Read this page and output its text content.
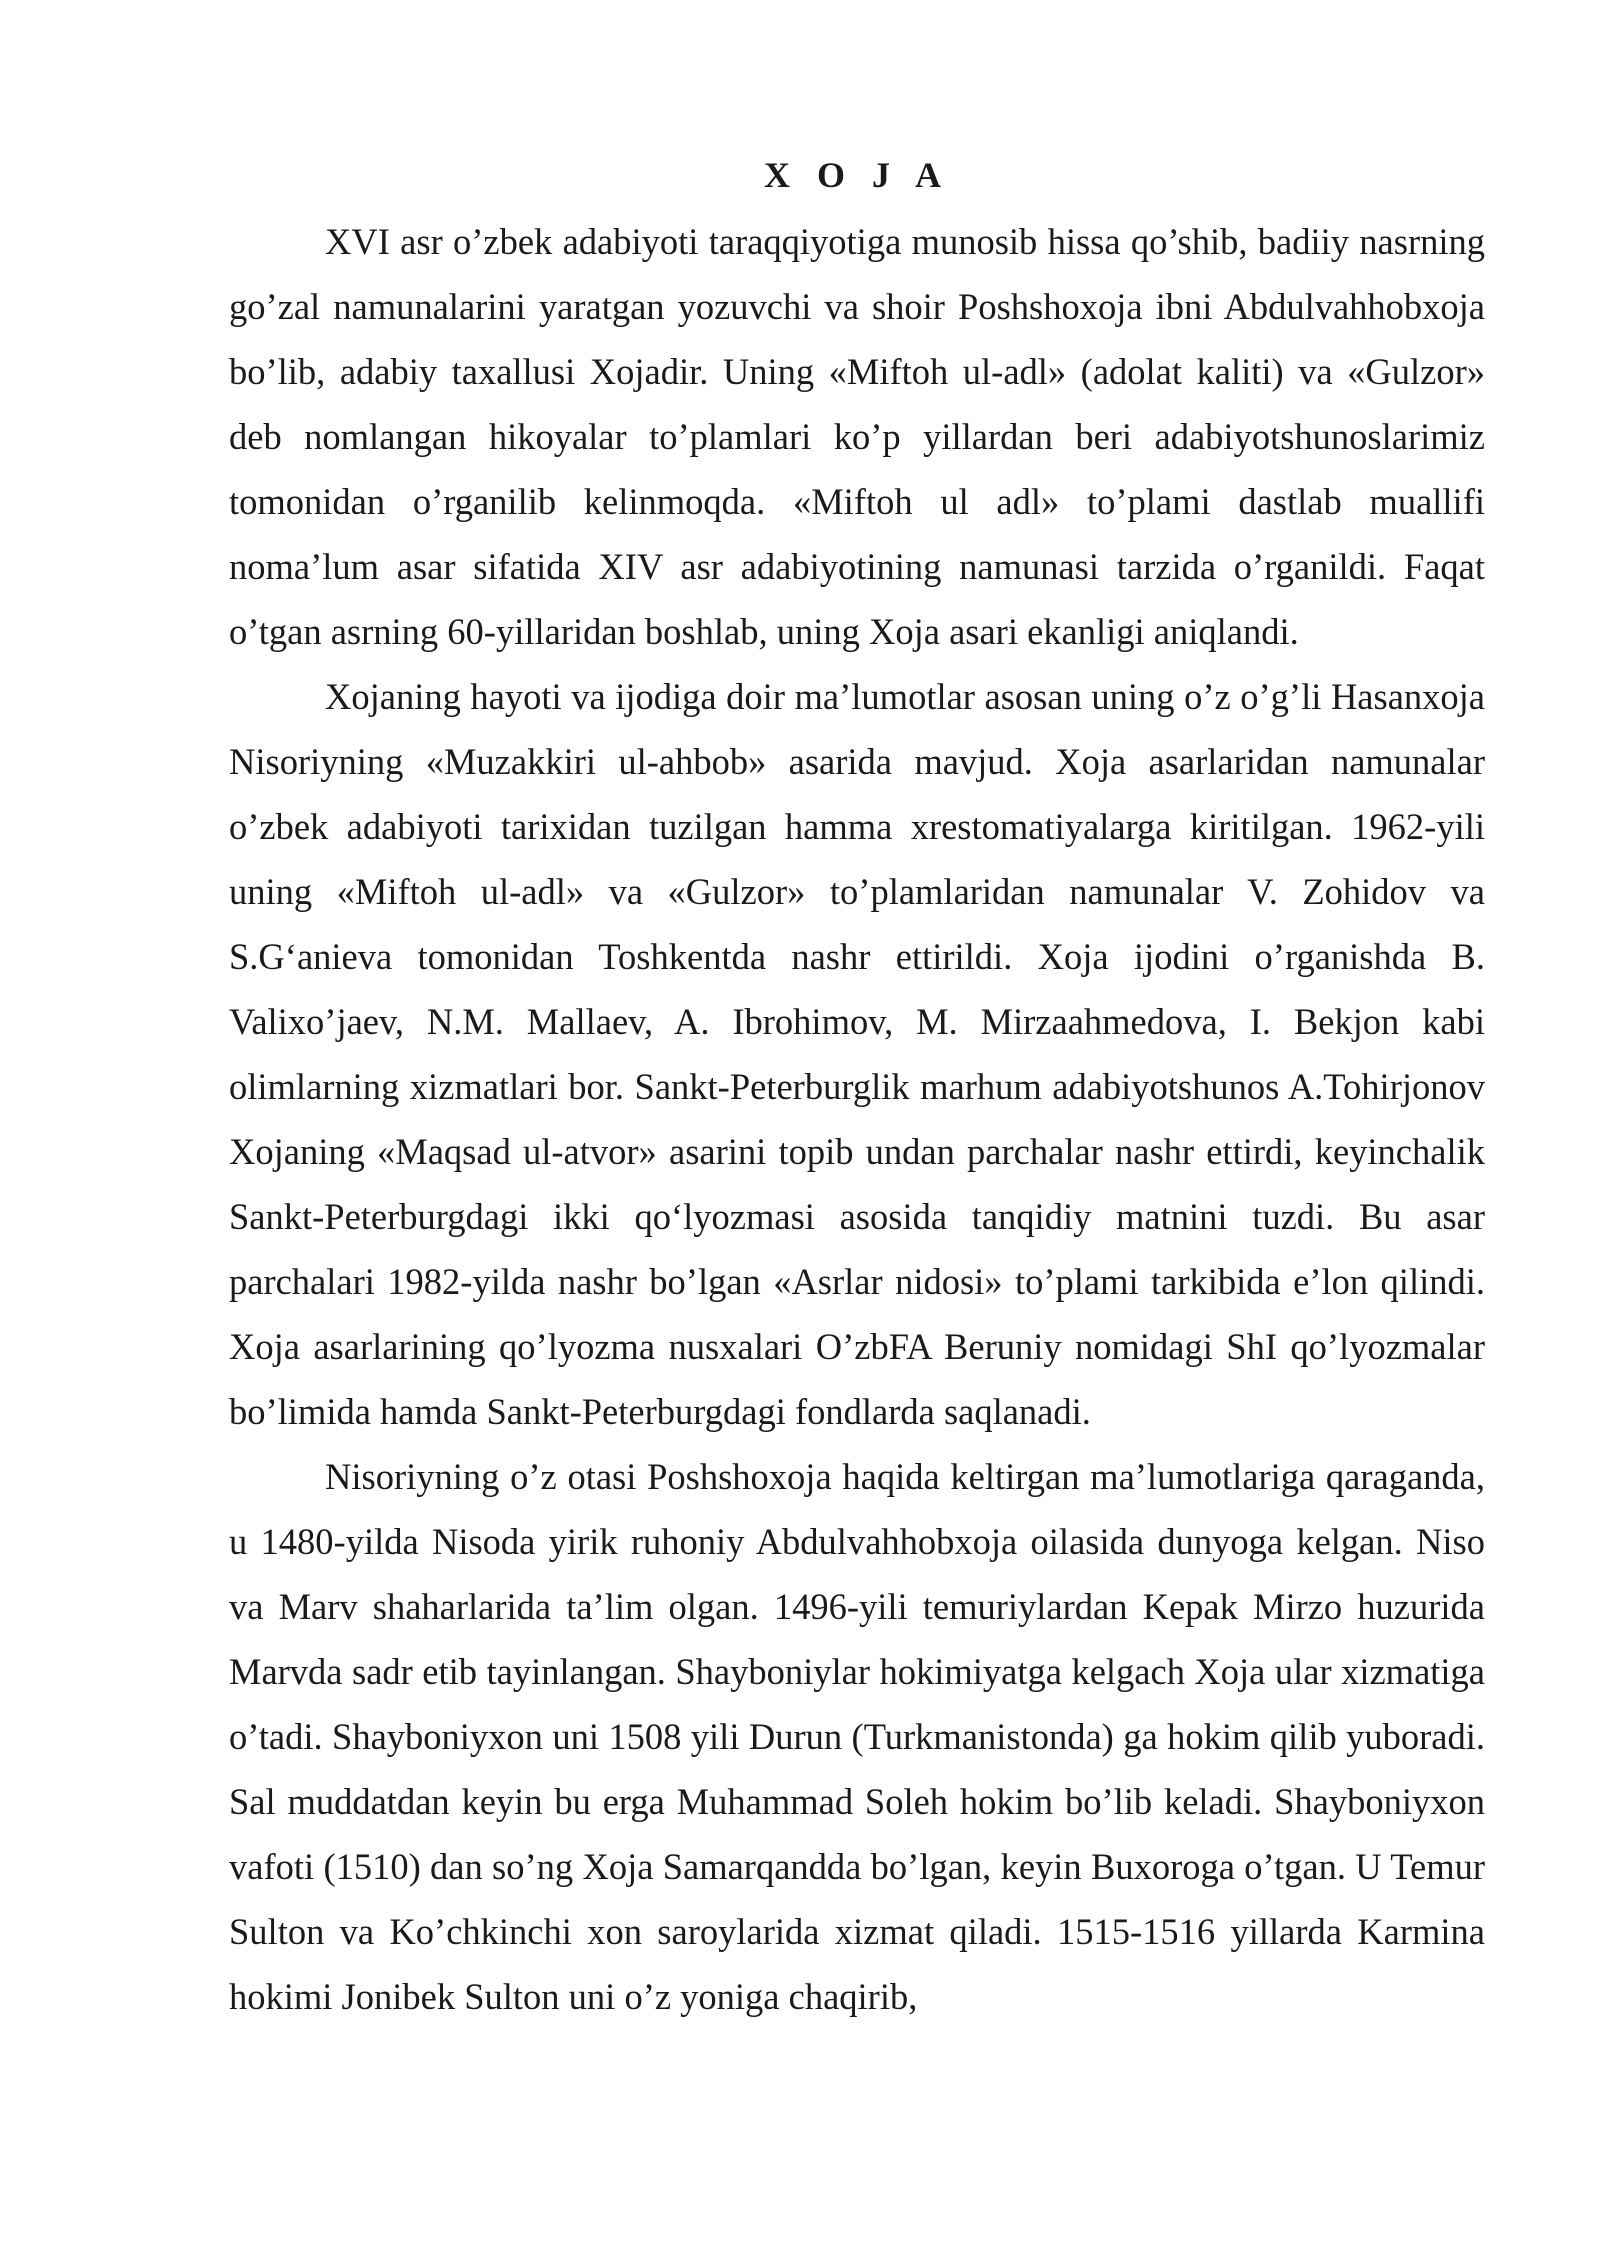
X O J A

XVI asr o’zbek adabiyoti taraqqiyotiga munosib hissa qo’shib, badiiy nasrning go’zal namunalarini yaratgan yozuvchi va shoir Poshshoxoja ibni Abdulvahhobxoja bo’lib, adabiy taxallusi Xojadir. Uning «Miftoh ul-adl» (adolat kaliti) va «Gulzor» deb nomlangan hikoyalar to’plamlari ko’p yillardan beri adabiyotshunoslarimiz tomonidan o’rganilib kelinmoqda. «Miftoh ul adl» to’plami dastlab muallifi noma’lum asar sifatida XIV asr adabiyotining namunasi tarzida o’rganildi. Faqat o’tgan asrning 60-yillaridan boshlab, uning Xoja asari ekanligi aniqlandi.

Xojaning hayoti va ijodiga doir ma’lumotlar asosan uning o’z o’g’li Hasanxoja Nisoriyning «Muzakkiri ul-ahbob» asarida mavjud. Xoja asarlaridan namunalar o’zbek adabiyoti tarixidan tuzilgan hamma xrestomatiyalarga kiritilgan. 1962-yili uning «Miftoh ul-adl» va «Gulzor» to’plamlaridan namunalar V. Zohidov va S.G‘anieva tomonidan Toshkentda nashr ettirildi. Xoja ijodini o’rganishda B. Valixo’jaev, N.M. Mallaev, A. Ibrohimov, M. Mirzaahmedova, I. Bekjon kabi olimlarning xizmatlari bor. Sankt-Peterburglik marhum adabiyotshunos A.Tohirjonov Xojaning «Maqsad ul-atvor» asarini topib undan parchalar nashr ettirdi, keyinchalik Sankt-Peterburgdagi ikki qo‘lyozmasi asosida tanqidiy matnini tuzdi. Bu asar parchalari 1982-yilda nashr bo’lgan «Asrlar nidosi» to’plami tarkibida e’lon qilindi. Xoja asarlarining qo’lyozma nusxalari O’zbFA Beruniy nomidagi ShI qo’lyozmalar bo’limida hamda Sankt-Peterburgdagi fondlarda saqlanadi.

Nisoriyning o’z otasi Poshshoxoja haqida keltirgan ma’lumotlariga qaraganda, u 1480-yilda Nisoda yirik ruhoniy Abdulvahhobxoja oilasida dunyoga kelgan. Niso va Marv shaharlarida ta’lim olgan. 1496-yili temuriylardan Kepak Mirzo huzurida Marvda sadr etib tayinlangan. Shayboniylar hokimiyatga kelgach Xoja ular xizmatiga o’tadi. Shayboniyxon uni 1508 yili Durun (Turkmanistonda) ga hokim qilib yuboradi. Sal muddatdan keyin bu erga Muhammad Soleh hokim bo’lib keladi. Shayboniyxon vafoti (1510) dan so’ng Xoja Samarqandda bo’lgan, keyin Buxoroga o’tgan. U Temur Sulton va Ko’chkinchi xon saroylarida xizmat qiladi. 1515-1516 yillarda Karmina hokimi Jonibek Sulton uni o’z yoniga chaqirib,
